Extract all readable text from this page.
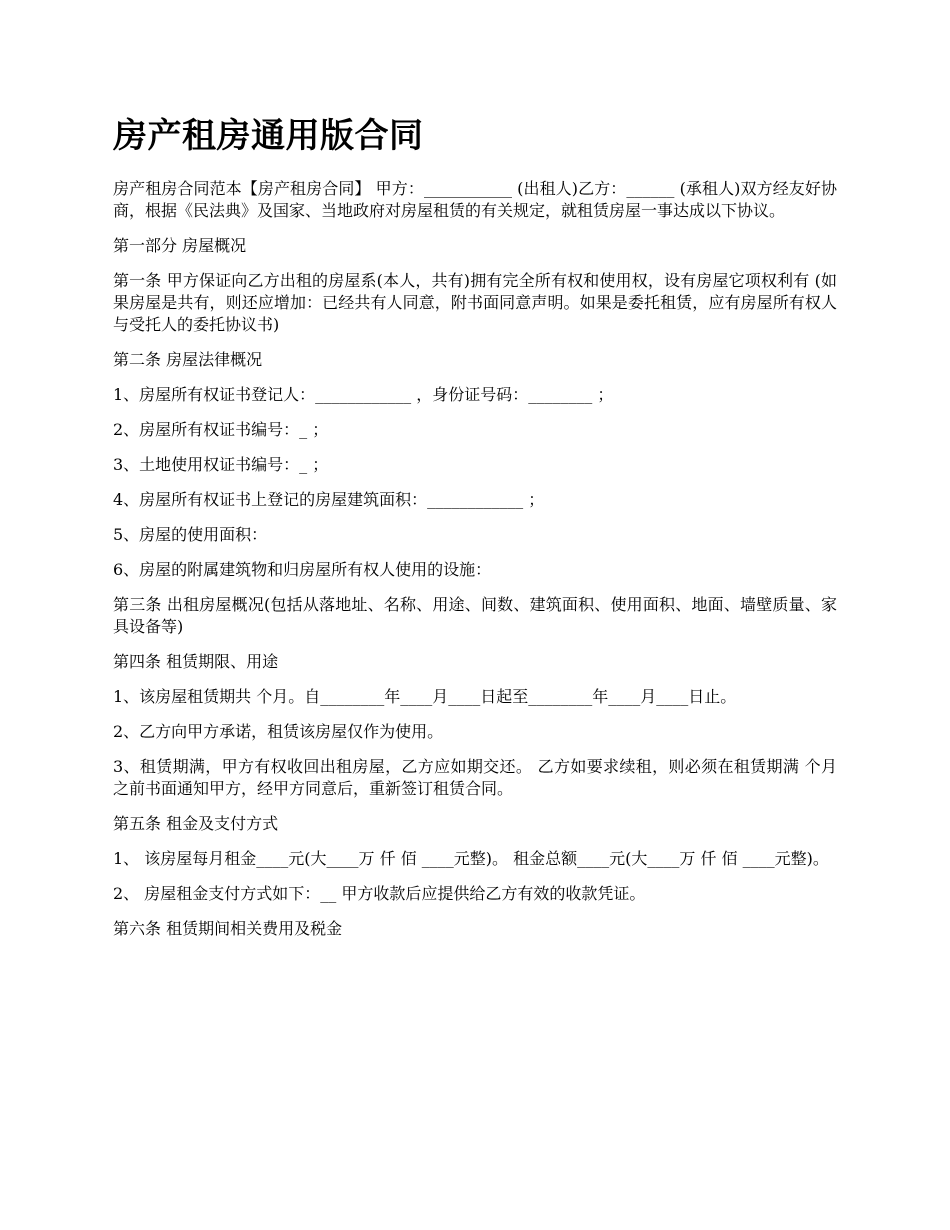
房产租房通用版合同

房产租房合同范本【房产租房合同】 甲方：___________ (出租人)乙方：______ (承租人)双方经友好协商，根据《民法典》及国家、当地政府对房屋租赁的有关规定，就租赁房屋一事达成以下协议。

第一部分 房屋概况

第一条 甲方保证向乙方出租的房屋系(本人，共有)拥有完全所有权和使用权，设有房屋它项权利有 (如果房屋是共有，则还应增加：已经共有人同意，附书面同意声明。如果是委托租赁，应有房屋所有权人与受托人的委托协议书)

第二条 房屋法律概况

1、房屋所有权证书登记人：____________ ，身份证号码：________ ；

2、房屋所有权证书编号：_ ；

3、土地使用权证书编号：_ ；

4、房屋所有权证书上登记的房屋建筑面积：____________ ；

5、房屋的使用面积：

6、房屋的附属建筑物和归房屋所有权人使用的设施：

第三条 出租房屋概况(包括从落地址、名称、用途、间数、建筑面积、使用面积、地面、墙壁质量、家具设备等)

第四条 租赁期限、用途

1、该房屋租赁期共 个月。自________年____月____日起至________年____月____日止。

2、乙方向甲方承诺，租赁该房屋仅作为使用。

3、租赁期满，甲方有权收回出租房屋，乙方应如期交还。 乙方如要求续租，则必须在租赁期满 个月之前书面通知甲方，经甲方同意后，重新签订租赁合同。

第五条 租金及支付方式

1、 该房屋每月租金____元(大____万 仟 佰 ____元整)。 租金总额____元(大____万 仟 佰 ____元整)。

2、 房屋租金支付方式如下：__ 甲方收款后应提供给乙方有效的收款凭证。

第六条 租赁期间相关费用及税金
